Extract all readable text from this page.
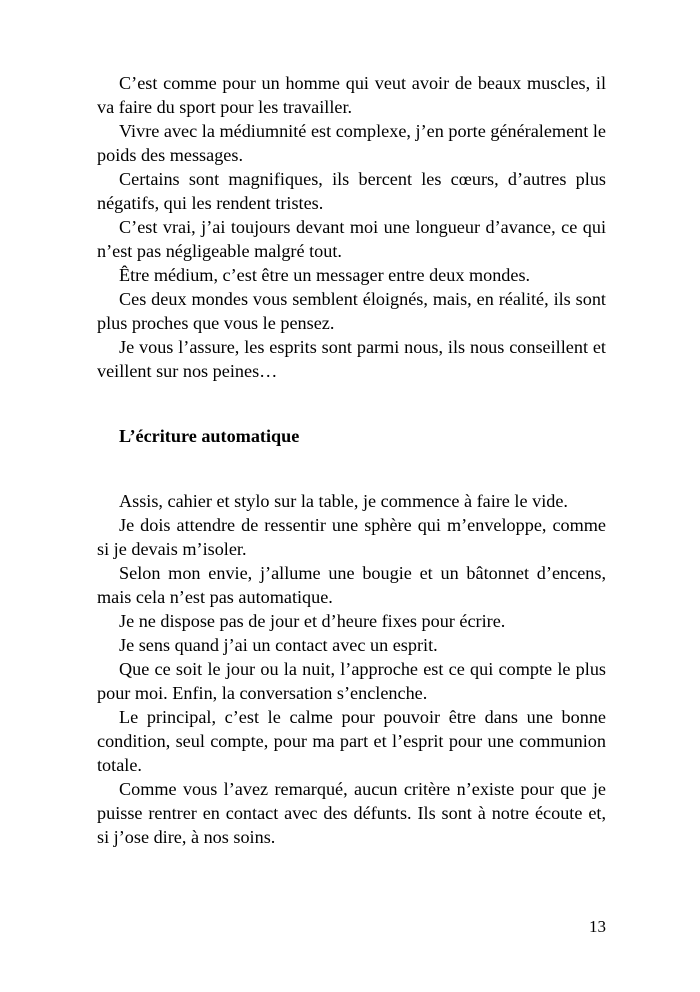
C’est comme pour un homme qui veut avoir de beaux muscles, il va faire du sport pour les travailler.

Vivre avec la médiumnité est complexe, j’en porte généralement le poids des messages.

Certains sont magnifiques, ils bercent les cœurs, d’autres plus négatifs, qui les rendent tristes.

C’est vrai, j’ai toujours devant moi une longueur d’avance, ce qui n’est pas négligeable malgré tout.

Être médium, c’est être un messager entre deux mondes.

Ces deux mondes vous semblent éloignés, mais, en réalité, ils sont plus proches que vous le pensez.

Je vous l’assure, les esprits sont parmi nous, ils nous conseillent et veillent sur nos peines…

L’écriture automatique

Assis, cahier et stylo sur la table, je commence à faire le vide.

Je dois attendre de ressentir une sphère qui m’enveloppe, comme si je devais m’isoler.

Selon mon envie, j’allume une bougie et un bâtonnet d’encens, mais cela n’est pas automatique.

Je ne dispose pas de jour et d’heure fixes pour écrire.

Je sens quand j’ai un contact avec un esprit.

Que ce soit le jour ou la nuit, l’approche est ce qui compte le plus pour moi. Enfin, la conversation s’enclenche.

Le principal, c’est le calme pour pouvoir être dans une bonne condition, seul compte, pour ma part et l’esprit pour une communion totale.

Comme vous l’avez remarqué, aucun critère n’existe pour que je puisse rentrer en contact avec des défunts. Ils sont à notre écoute et, si j’ose dire, à nos soins.

13
